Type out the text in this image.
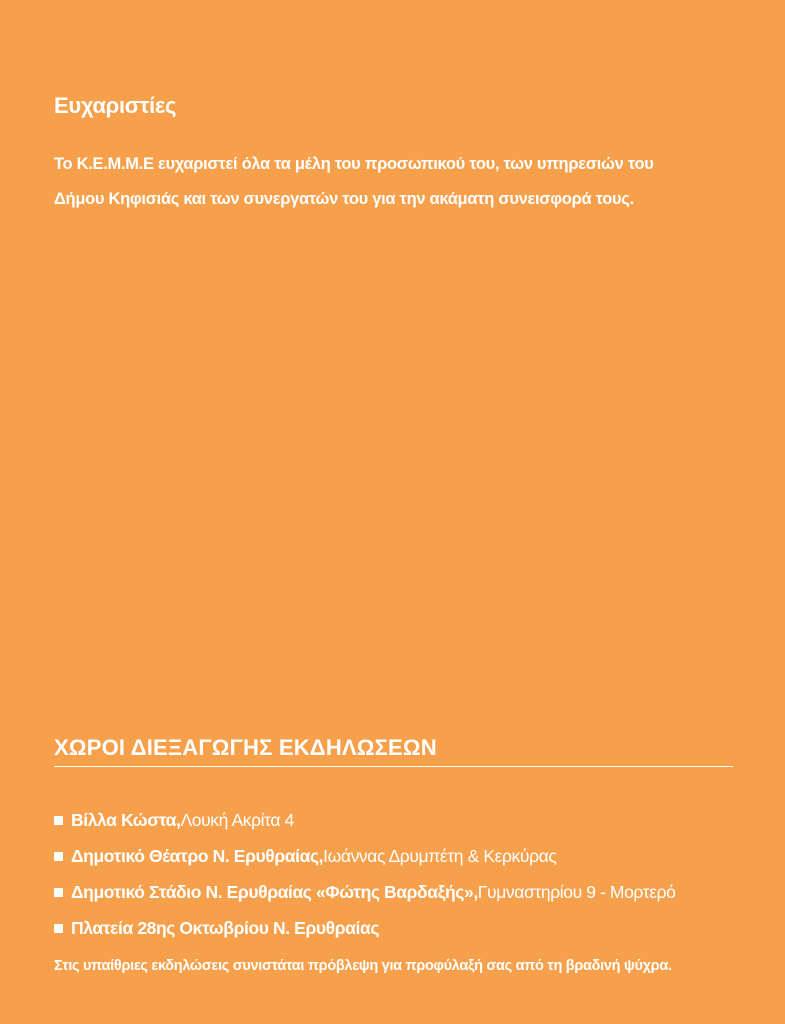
Ευχαριστίες

Το Κ.Ε.Μ.Μ.Ε ευχαριστεί όλα τα μέλη του προσωπικού του, των υπηρεσιών του
Δήμου Κηφισιάς και των συνεργατών του για την ακάματη συνεισφορά τους.

ΧΩΡΟΙ ΔΙΕΞΑΓΩΓΗΣ ΕΚΔΗΛΩΣΕΩΝ
Βίλλα Κώστα , Λουκή Ακρίτα 4
Δημοτικό Θέατρο Ν. Ερυθραίας , Ιωάννας Δρυμπέτη & Κερκύρας
Δημοτικό Στάδιο Ν. Ερυθραίας «Φώτης Βαρδαξής» , Γυμναστηρίου 9 - Μορτερό
Πλατεία 28ης Οκτωβρίου Ν. Ερυθραίας

Στις υπαίθριες εκδηλώσεις συνιστάται πρόβλεψη για προφύλαξή σας από τη βραδινή ψύχρα.
